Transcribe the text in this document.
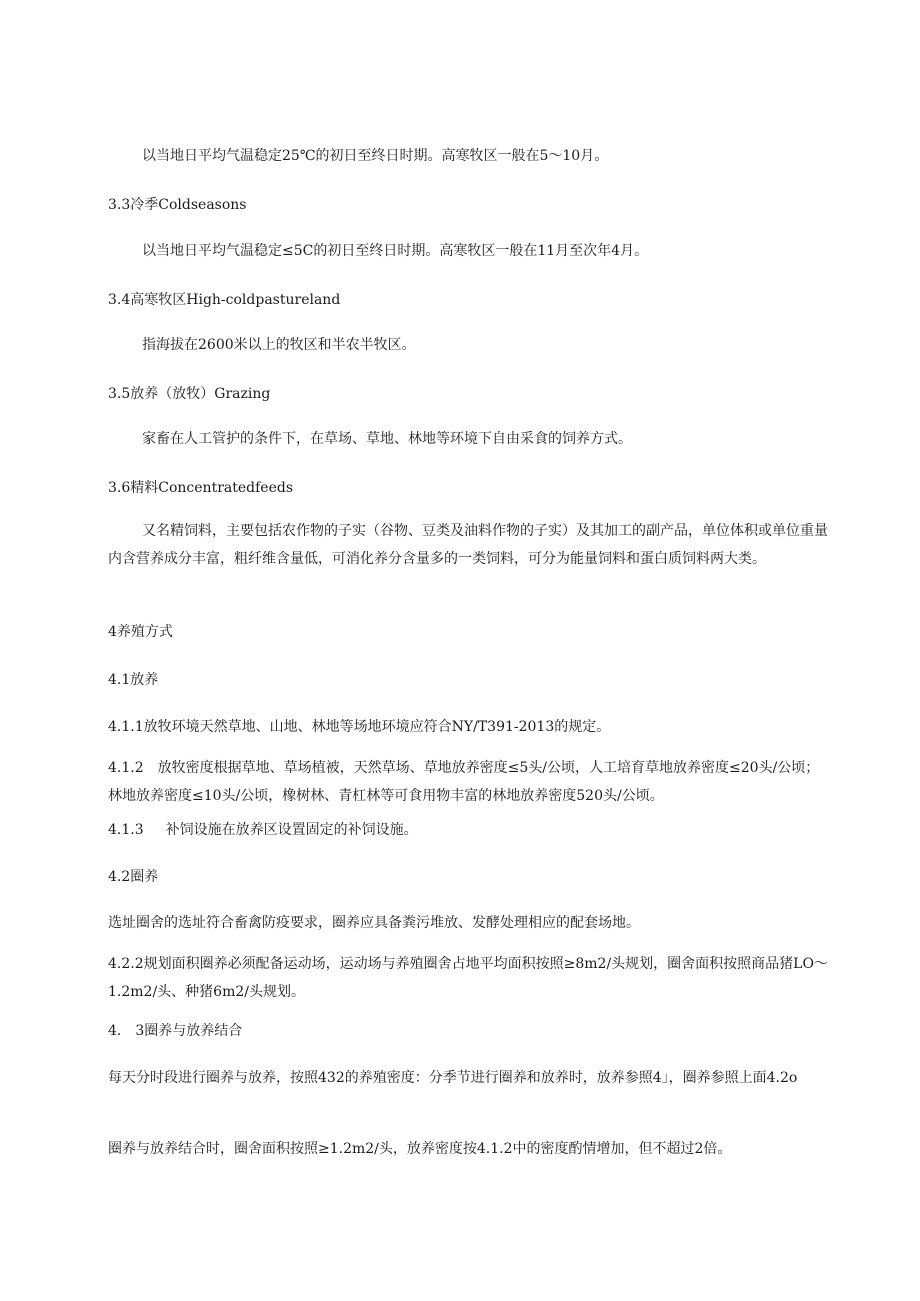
以当地日平均气温稳定25℃的初日至终日时期。高寒牧区一般在5～10月。
3.3冷季Coldseasons
以当地日平均气温稳定≤5C的初日至终日时期。高寒牧区一般在11月至次年4月。
3.4高寒牧区High-coldpastureland
指海拔在2600米以上的牧区和半农半牧区。
3.5放养（放牧）Grazing
家畜在人工管护的条件下，在草场、草地、林地等环境下自由采食的饲养方式。
3.6精料Concentratedfeeds
又名精饲料，主要包括农作物的子实（谷物、豆类及油料作物的子实）及其加工的副产品，单位体积或单位重量内含营养成分丰富，粗纤维含量低，可消化养分含量多的一类饲料，可分为能量饲料和蛋白质饲料两大类。
4养殖方式
4.1放养
4.1.1放牧环境天然草地、山地、林地等场地环境应符合NY/T391-2013的规定。
4.1.2 放牧密度根据草地、草场植被，天然草场、草地放养密度≤5头/公顷，人工培育草地放养密度≤20头/公顷；林地放养密度≤10头/公顷，橡树林、青杠林等可食用物丰富的林地放养密度520头/公顷。
4.1.3 补饲设施在放养区设置固定的补饲设施。
4.2圈养
选址圈舍的选址符合畜禽防疫要求，圈养应具备粪污堆放、发酵处理相应的配套场地。
4.2.2规划面积圈养必须配备运动场，运动场与养殖圈舍占地平均面积按照≥8m2∕头规划，圈舍面积按照商品猪LO～1.2m2∕头、种猪6m2∕头规划。
4.　3圈养与放养结合
每天分时段进行圈养与放养，按照432的养殖密度：分季节进行圈养和放养时，放养参照4」，圈养参照上面4.2o
圈养与放养结合时，圈舍面积按照≥1.2m2∕头，放养密度按4.1.2中的密度酌情增加，但不超过2倍。
